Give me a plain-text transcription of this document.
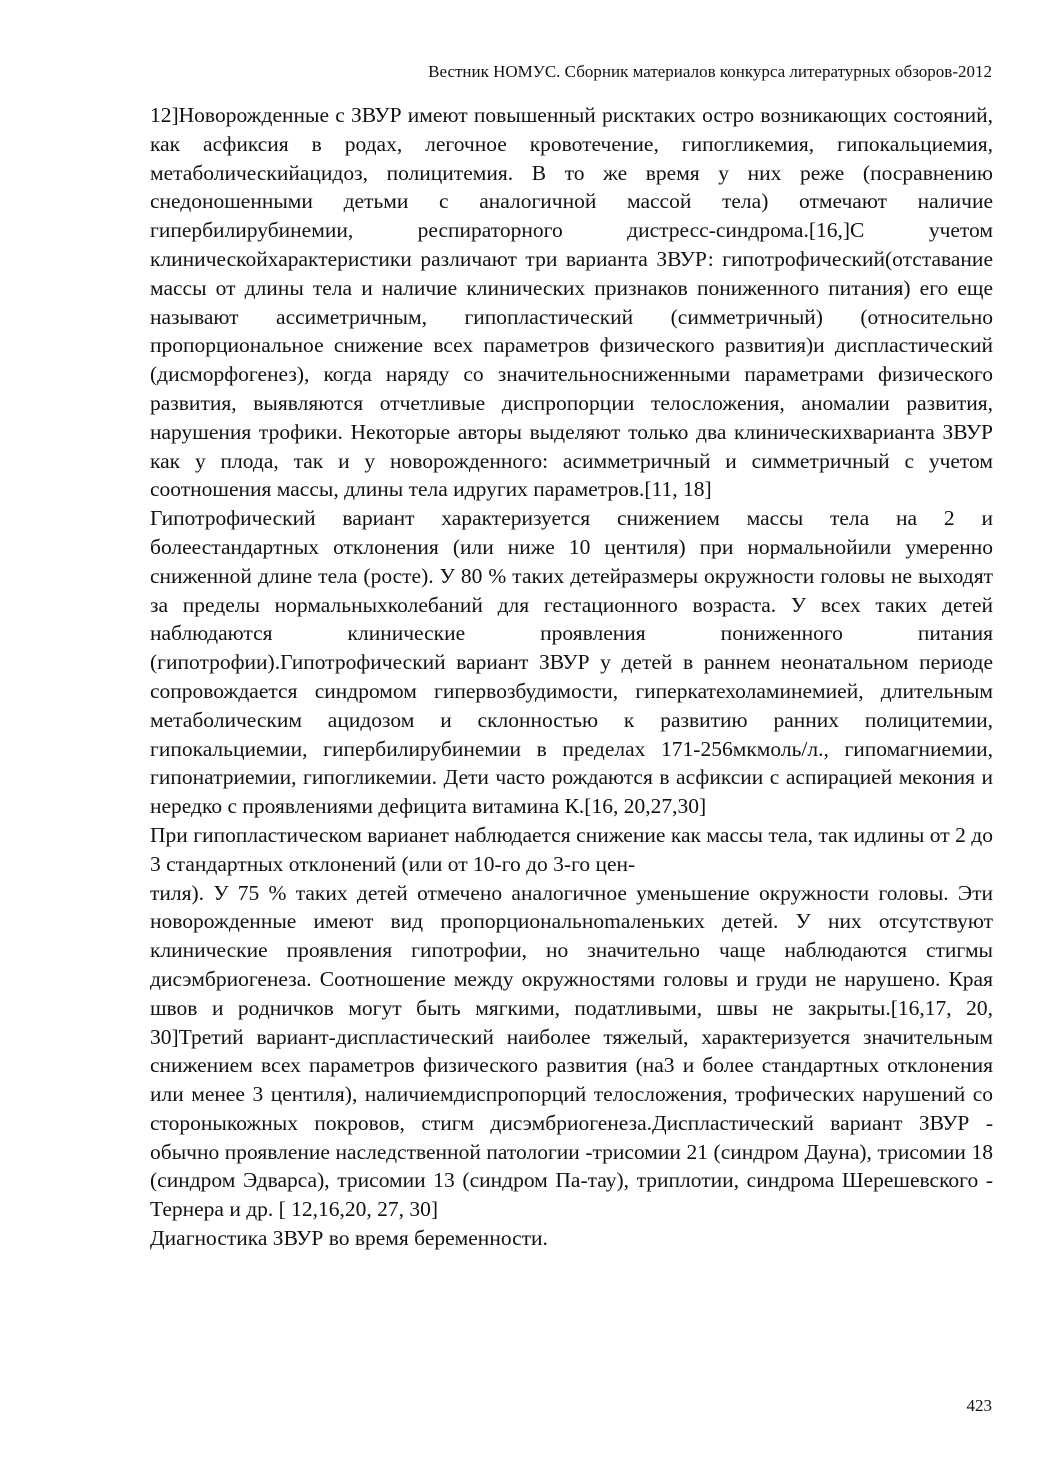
Вестник НОМУС. Сборник материалов конкурса литературных обзоров-2012

12]Новорожденные с ЗВУР имеют повышенный рисктаких остро возникающих состояний, как асфиксия в родах, легочное кровотечение, гипогликемия, гипокальциемия, метаболическийацидоз, полицитемия. В то же время у них реже (посравнению снедоношенными детьми с аналогичной массой тела) отмечают наличие гипербилирубинемии, респираторного дистресс-синдрома.[16,]С учетом клиническойхарактеристики различают три варианта ЗВУР: гипотрофический(отставание массы от длины тела и наличие клинических признаков пониженного питания) его еще называют ассиметричным, гипопластический (симметричный) (относительно пропорциональное снижение всех параметров физического развития)и диспластический (дисморфогенез), когда наряду со значительносниженными параметрами физического развития, выявляются отчетливые диспропорции телосложения, аномалии развития, нарушения трофики. Некоторые авторы выделяют только два клиническихварианта ЗВУР как у плода, так и у новорожденного: асимметричный и симметричный с учетом соотношения массы, длины тела идругих параметров.[11, 18]

Гипотрофический вариант характеризуется снижением массы тела на 2 и болеестандартных отклонения (или ниже 10 центиля) при нормальнойили умеренно сниженной длине тела (росте). У 80 % таких детейразмеры окружности головы не выходят за пределы нормальныхколебаний для гестационного возраста. У всех таких детей наблюдаются клинические проявления пониженного питания (гипотрофии).Гипотрофический вариант ЗВУР у детей в раннем неонатальном периоде сопровождается синдромом гипервозбудимости, гиперкатехоламинемией, длительным метаболическим ацидозом и склонностью к развитию ранних полицитемии, гипокальциемии, гипербилирубинемии в пределах 171-256мкмоль/л., гипомагниемии, гипонатриемии, гипогликемии. Дети часто рождаются в асфиксии с аспирацией мекония и нередко с проявлениями дефицита витамина К.[16, 20,27,30]

При гипопластическом варианет наблюдается снижение как массы тела, так идлины от 2 до 3 стандартных отклонений (или от 10-го до 3-го цен-

тиля). У 75 % таких детей отмечено аналогичное уменьшение окружности головы. Эти новорожденные имеют вид пропорциональноmаленьких детей. У них отсутствуют клинические проявления гипотрофии, но значительно чаще наблюдаются стигмы дисэмбриогенеза. Соотношение между окружностями головы и груди не нарушено. Края швов и родничков могут быть мягкими, податливыми, швы не закрыты.[16,17, 20, 30]Третий вариант-диспластический наиболее тяжелый, характеризуется значительным снижением всех параметров физического развития (на3 и более стандартных отклонения или менее 3 центиля), наличиемдиспропорций телосложения, трофических нарушений со стороныкожных покровов, стигм дисэмбриогенеза.Диспластический вариант ЗВУР - обычно проявление наследственной патологии -трисомии 21 (синдром Дауна), трисомии 18 (синдром Эдварса), трисомии 13 (синдром Па-тау), триплотии, синдрома Шерешевского - Тернера и др. [ 12,16,20, 27, 30]

Диагностика ЗВУР во время беременности.

423
